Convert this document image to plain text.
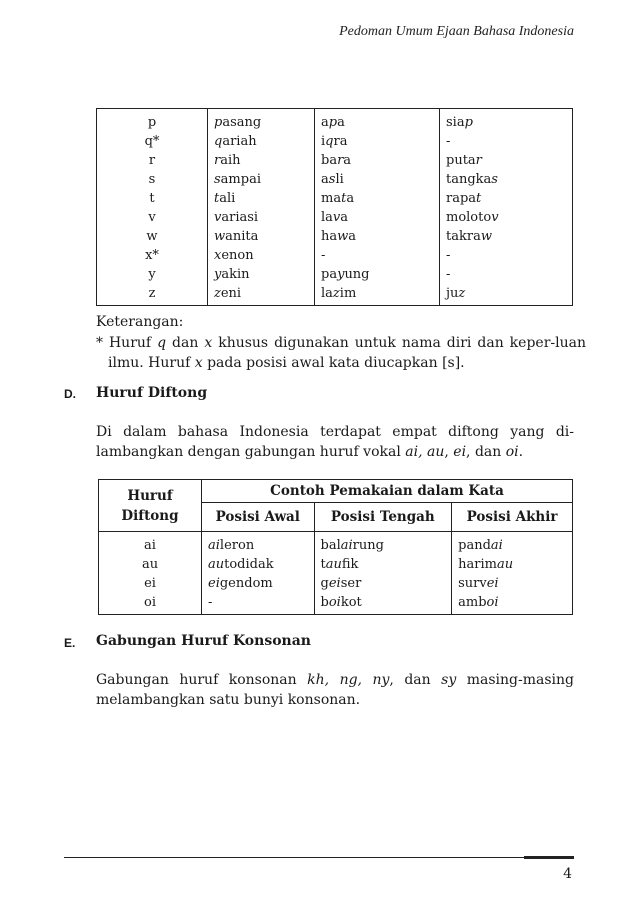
Pedoman Umum Ejaan Bahasa Indonesia
p	pasang	apa	siap
q*	qariah	iqra	-
r	raih	bara	putar
s	sampai	asli	tangkas
t	tali	mata	rapat
v	variasi	lava	molotov
w	wanita	hawa	takraw
x*	xenon	-	-
y	yakin	payung	-
z	zeni	lazim	juz
Keterangan:
* Huruf q dan x khusus digunakan untuk nama diri dan keper-luan ilmu. Huruf x pada posisi awal kata diucapkan [s].
D. Huruf Diftong
Di dalam bahasa Indonesia terdapat empat diftong yang di-lambangkan dengan gabungan huruf vokal ai, au, ei, dan oi.
Huruf Diftong	Contoh Pemakaian dalam Kata		
	Posisi Awal	Posisi Tengah	Posisi Akhir
ai	aileron	balairung	pandai
au	autodidak	taufik	harimau
ei	eigendom	geiser	survei
oi	-	boikot	amboi
E. Gabungan Huruf Konsonan
Gabungan huruf konsonan kh, ng, ny, dan sy masing-masing melambangkan satu bunyi konsonan.
4
